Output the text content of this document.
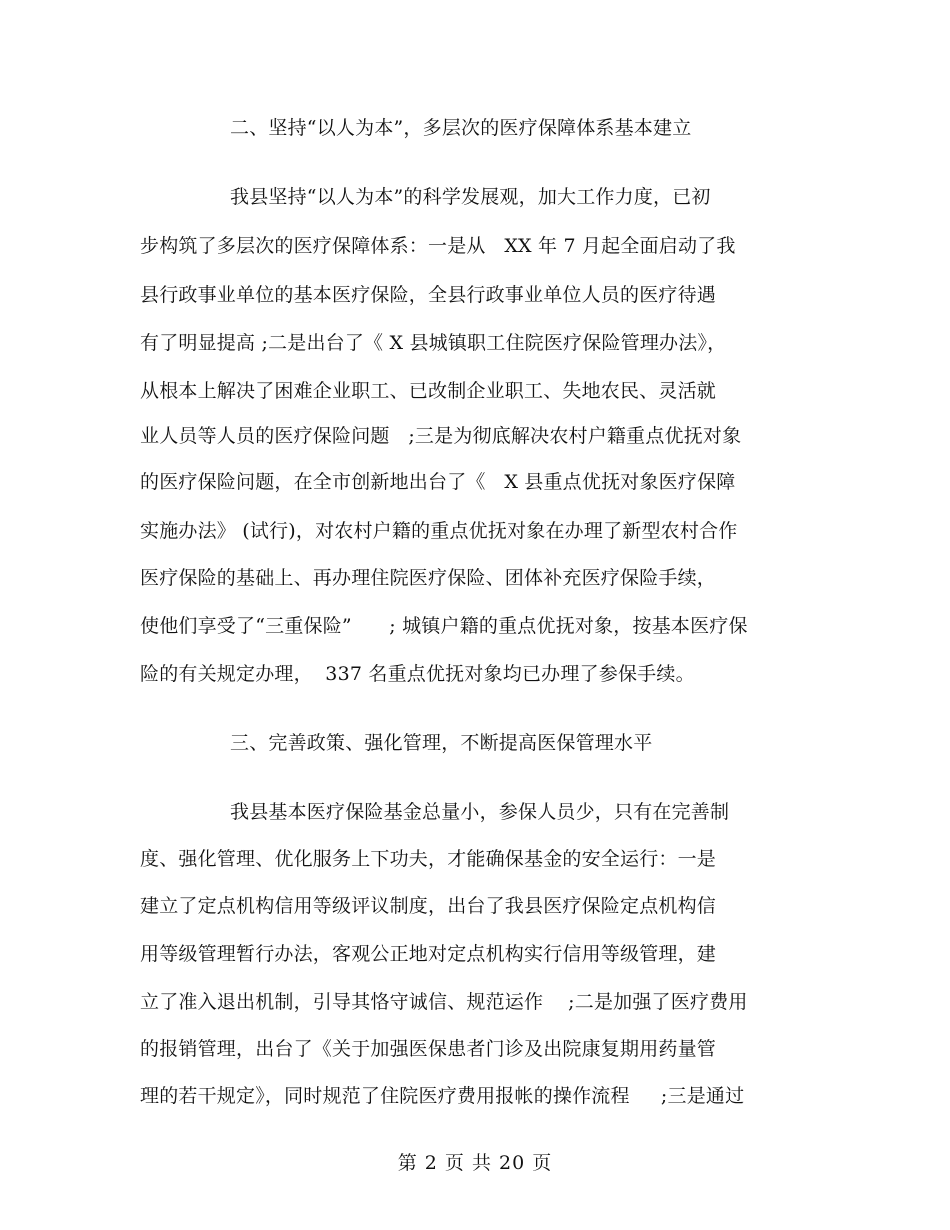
二、坚持“以人为本”，多层次的医疗保障体系基本建立
我县坚持“以人为本”的科学发展观，加大工作力度，已初
步构筑了多层次的医疗保障体系：一是从   XX 年 7 月起全面启动了我
县行政事业单位的基本医疗保险，全县行政事业单位人员的医疗待遇
有了明显提高 ;二是出台了《 X 县城镇职工住院医疗保险管理办法》，
从根本上解决了困难企业职工、已改制企业职工、失地农民、灵活就
业人员等人员的医疗保险问题   ;三是为彻底解决农村户籍重点优抚对象
的医疗保险问题，在全市创新地出台了《   X 县重点优抚对象医疗保障
实施办法》 (试行)，对农村户籍的重点优抚对象在办理了新型农村合作
医疗保险的基础上、再办理住院医疗保险、团体补充医疗保险手续，
使他们享受了“三重保险”      ; 城镇户籍的重点优抚对象，按基本医疗保
险的有关规定办理，  337 名重点优抚对象均已办理了参保手续。
三、完善政策、强化管理，不断提高医保管理水平
我县基本医疗保险基金总量小，参保人员少，只有在完善制
度、强化管理、优化服务上下功夫，才能确保基金的安全运行：一是
建立了定点机构信用等级评议制度，出台了我县医疗保险定点机构信
用等级管理暂行办法，客观公正地对定点机构实行信用等级管理，建
立了准入退出机制，引导其恪守诚信、规范运作    ;二是加强了医疗费用
的报销管理，出台了《关于加强医保患者门诊及出院康复期用药量管
理的若干规定》，同时规范了住院医疗费用报帐的操作流程     ;三是通过
第 2 页 共 20 页
